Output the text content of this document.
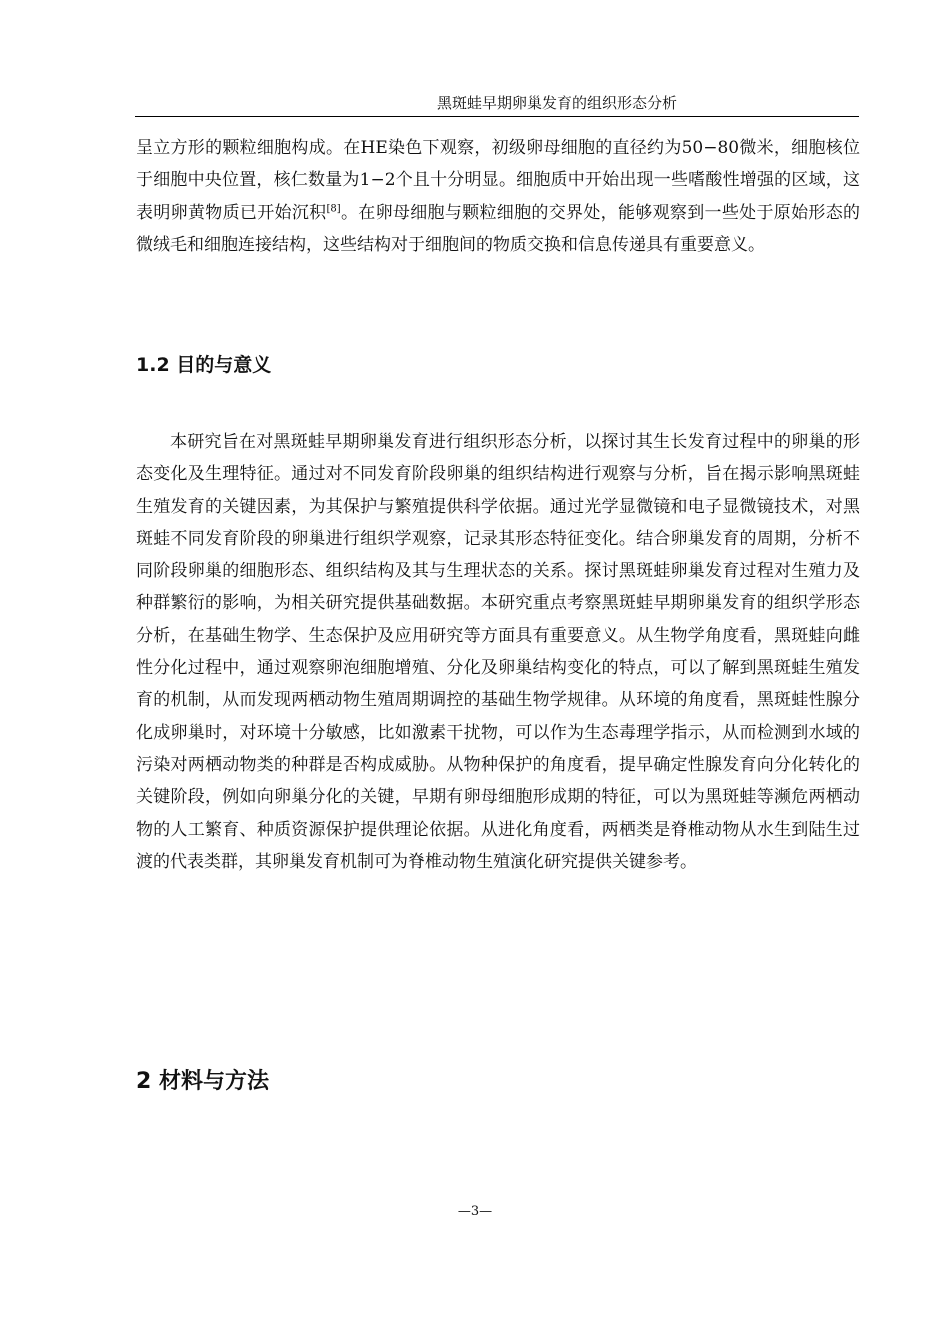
黑斑蛙早期卵巢发育的组织形态分析

呈立方形的颗粒细胞构成。在HE染色下观察，初级卵母细胞的直径约为50−80微米，细胞核位于细胞中央位置，核仁数量为1−2个且十分明显。细胞质中开始出现一些嗜酸性增强的区域，这表明卵黄物质已开始沉积[8]。在卵母细胞与颗粒细胞的交界处，能够观察到一些处于原始形态的微绒毛和细胞连接结构，这些结构对于细胞间的物质交换和信息传递具有重要意义。

1.2 目的与意义

本研究旨在对黑斑蛙早期卵巢发育进行组织形态分析，以探讨其生长发育过程中的卵巢的形态变化及生理特征。通过对不同发育阶段卵巢的组织结构进行观察与分析，旨在揭示影响黑斑蛙生殖发育的关键因素，为其保护与繁殖提供科学依据。通过光学显微镜和电子显微镜技术，对黑斑蛙不同发育阶段的卵巢进行组织学观察，记录其形态特征变化。结合卵巢发育的周期，分析不同阶段卵巢的细胞形态、组织结构及其与生理状态的关系。探讨黑斑蛙卵巢发育过程对生殖力及种群繁衍的影响，为相关研究提供基础数据。本研究重点考察黑斑蛙早期卵巢发育的组织学形态分析，在基础生物学、生态保护及应用研究等方面具有重要意义。从生物学角度看，黑斑蛙向雌性分化过程中，通过观察卵泡细胞增殖、分化及卵巢结构变化的特点，可以了解到黑斑蛙生殖发育的机制，从而发现两栖动物生殖周期调控的基础生物学规律。从环境的角度看，黑斑蛙性腺分化成卵巢时，对环境十分敏感，比如激素干扰物，可以作为生态毒理学指示，从而检测到水域的污染对两栖动物类的种群是否构成威胁。从物种保护的角度看，提早确定性腺发育向分化转化的关键阶段，例如向卵巢分化的关键，早期有卵母细胞形成期的特征，可以为黑斑蛙等濒危两栖动物的人工繁育、种质资源保护提供理论依据。从进化角度看，两栖类是脊椎动物从水生到陆生过渡的代表类群，其卵巢发育机制可为脊椎动物生殖演化研究提供关键参考。

2 材料与方法
—3—
